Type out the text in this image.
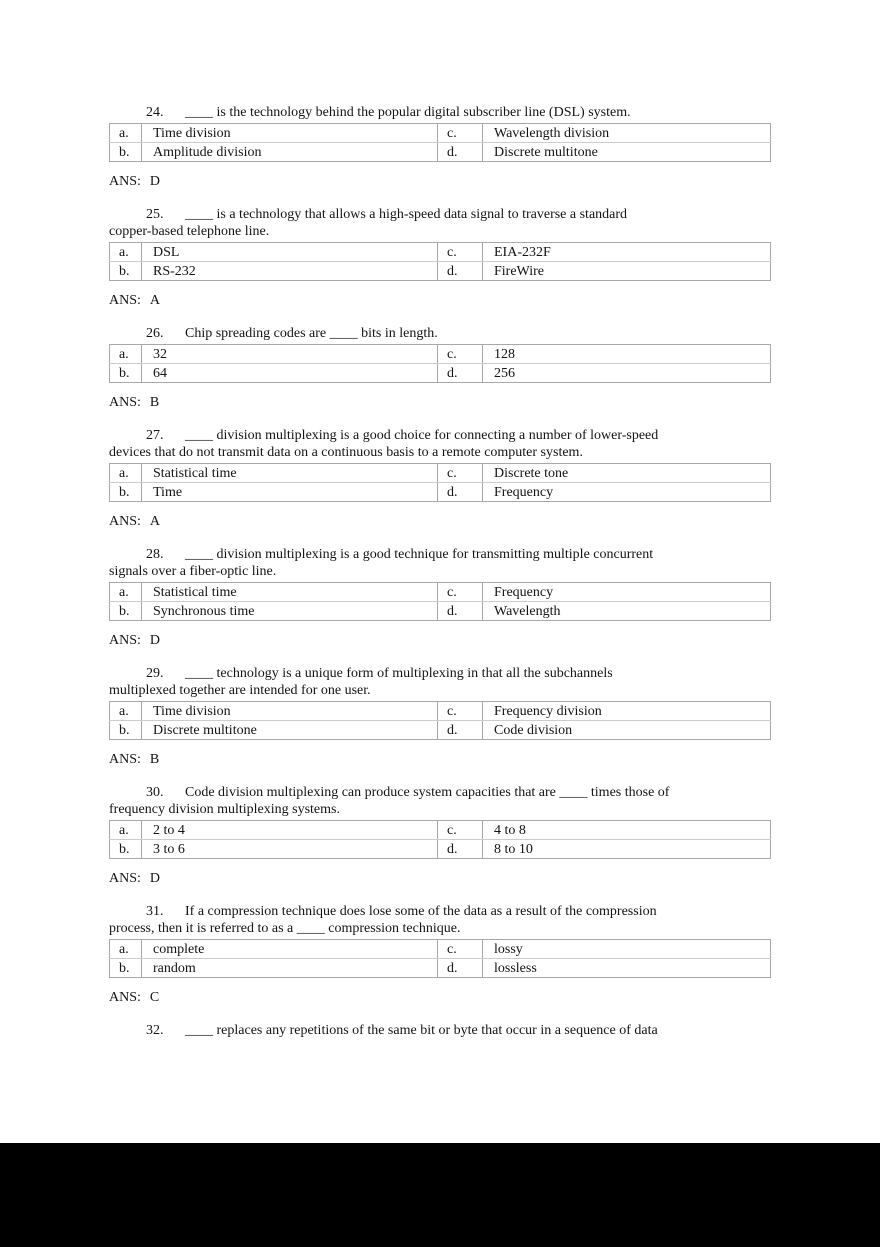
24. ____ is the technology behind the popular digital subscriber line (DSL) system.

a.	Time division	c.	Wavelength division
b.	Amplitude division	d.	Discrete multitone

ANS: D

25. ____ is a technology that allows a high-speed data signal to traverse a standard
copper-based telephone line.

a.	DSL	c.	EIA-232F
b.	RS-232	d.	FireWire

ANS: A

26. Chip spreading codes are ____ bits in length.

a.	32	c.	128
b.	64	d.	256

ANS: B

27. ____ division multiplexing is a good choice for connecting a number of lower-speed
devices that do not transmit data on a continuous basis to a remote computer system.

a.	Statistical time	c.	Discrete tone
b.	Time	d.	Frequency

ANS: A

28. ____ division multiplexing is a good technique for transmitting multiple concurrent
signals over a fiber-optic line.

a.	Statistical time	c.	Frequency
b.	Synchronous time	d.	Wavelength

ANS: D

29. ____ technology is a unique form of multiplexing in that all the subchannels
multiplexed together are intended for one user.

a.	Time division	c.	Frequency division
b.	Discrete multitone	d.	Code division

ANS: B

30. Code division multiplexing can produce system capacities that are ____ times those of
frequency division multiplexing systems.

a.	2 to 4	c.	4 to 8
b.	3 to 6	d.	8 to 10

ANS: D

31. If a compression technique does lose some of the data as a result of the compression
process, then it is referred to as a ____ compression technique.

a.	complete	c.	lossy
b.	random	d.	lossless

ANS: C

32. ____ replaces any repetitions of the same bit or byte that occur in a sequence of data
